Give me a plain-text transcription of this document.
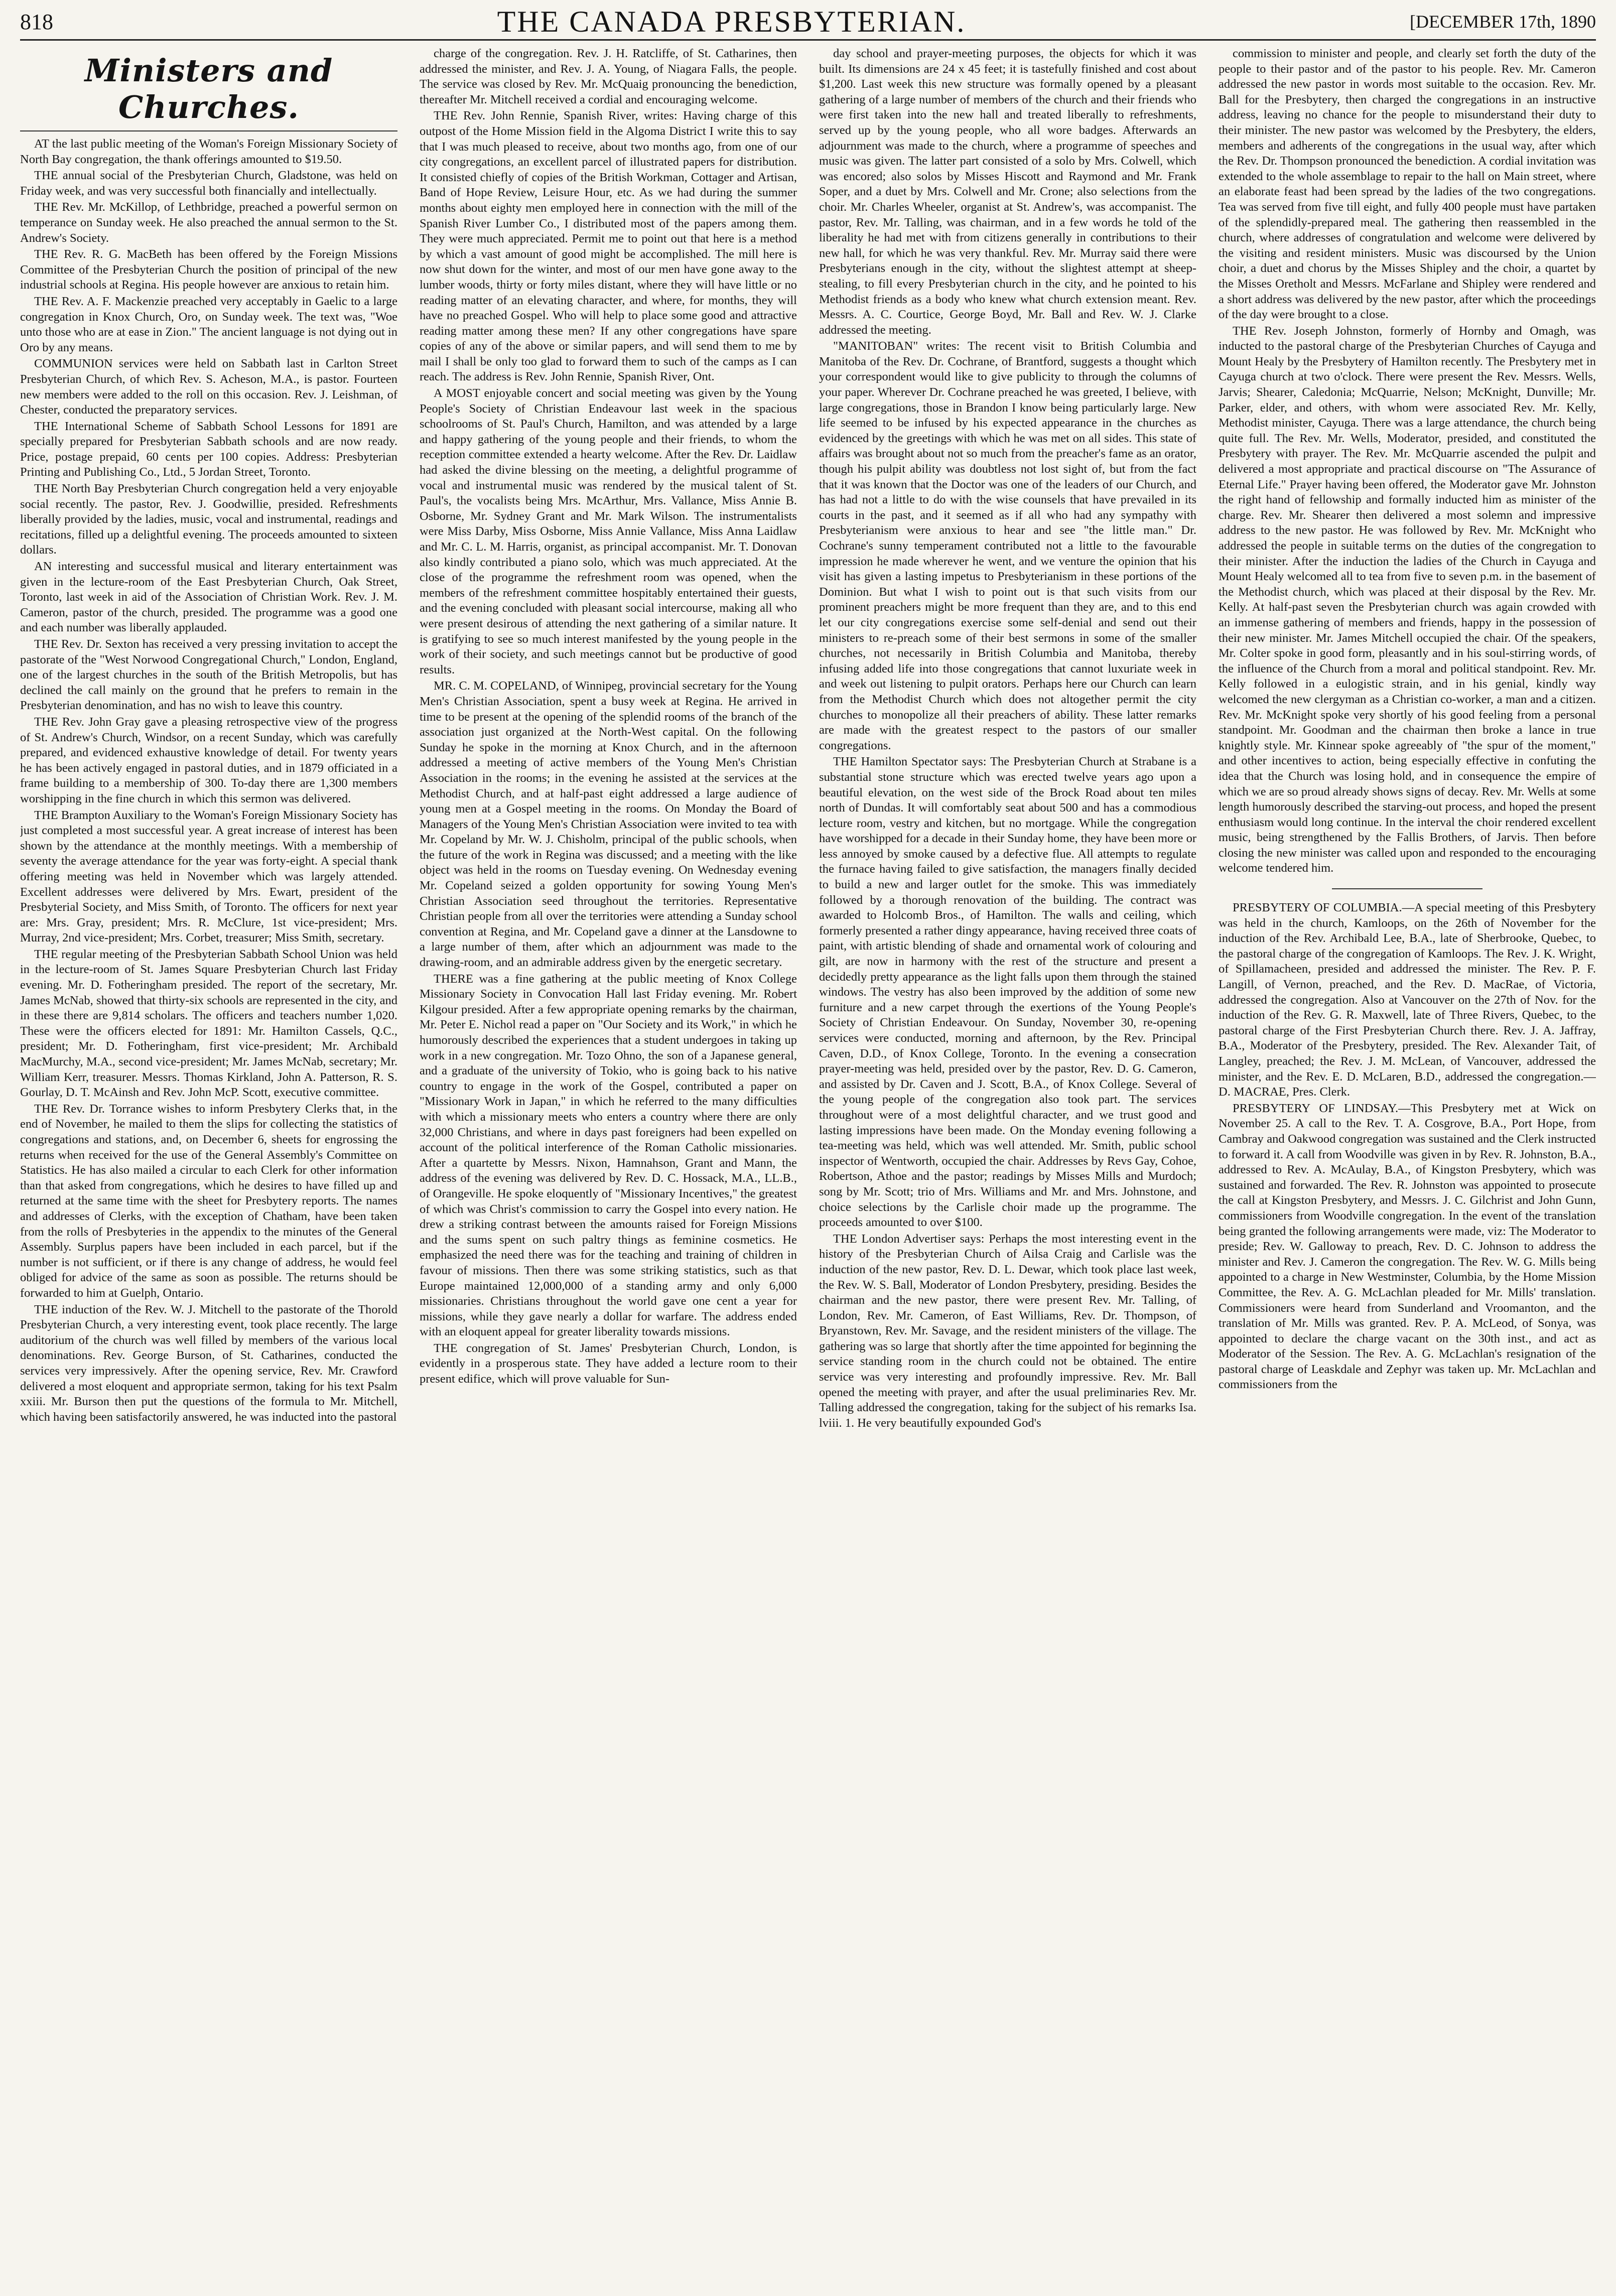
818	THE CANADA PRESBYTERIAN.	[DECEMBER 17th, 1890
Ministers and Churches.

AT the last public meeting of the Woman's Foreign Missionary Society of North Bay congregation, the thank offerings amounted to $19.50.

THE annual social of the Presbyterian Church, Gladstone, was held on Friday week, and was very successful both financially and intellectually.

THE Rev. Mr. McKillop, of Lethbridge, preached a powerful sermon on temperance on Sunday week. He also preached the annual sermon to the St. Andrew's Society.

THE Rev. R. G. MacBeth has been offered by the Foreign Missions Committee of the Presbyterian Church the position of principal of the new industrial schools at Regina. His people however are anxious to retain him.

THE Rev. A. F. Mackenzie preached very acceptably in Gaelic to a large congregation in Knox Church, Oro, on Sunday week. The text was, "Woe unto those who are at ease in Zion." The ancient language is not dying out in Oro by any means.

COMMUNION services were held on Sabbath last in Carlton Street Presbyterian Church, of which Rev. S. Acheson, M.A., is pastor. Fourteen new members were added to the roll on this occasion. Rev. J. Leishman, of Chester, conducted the preparatory services.

THE International Scheme of Sabbath School Lessons for 1891 are specially prepared for Presbyterian Sabbath schools and are now ready. Price, postage prepaid, 60 cents per 100 copies. Address: Presbyterian Printing and Publishing Co., Ltd., 5 Jordan Street, Toronto.

THE North Bay Presbyterian Church congregation held a very enjoyable social recently. The pastor, Rev. J. Goodwillie, presided. Refreshments liberally provided by the ladies, music, vocal and instrumental, readings and recitations, filled up a delightful evening. The proceeds amounted to sixteen dollars.

AN interesting and successful musical and literary entertainment was given in the lecture-room of the East Presbyterian Church, Oak Street, Toronto, last week in aid of the Association of Christian Work. Rev. J. M. Cameron, pastor of the church, presided. The programme was a good one and each number was liberally applauded.

THE Rev. Dr. Sexton has received a very pressing invitation to accept the pastorate of the "West Norwood Congregational Church," London, England, one of the largest churches in the south of the British Metropolis, but has declined the call mainly on the ground that he prefers to remain in the Presbyterian denomination, and has no wish to leave this country.

THE Rev. John Gray gave a pleasing retrospective view of the progress of St. Andrew's Church, Windsor, on a recent Sunday, which was carefully prepared, and evidenced exhaustive knowledge of detail. For twenty years he has been actively engaged in pastoral duties, and in 1879 officiated in a frame building to a membership of 300. To-day there are 1,300 members worshipping in the fine church in which this sermon was delivered.

THE Brampton Auxiliary to the Woman's Foreign Missionary Society has just completed a most successful year. A great increase of interest has been shown by the attendance at the monthly meetings. With a membership of seventy the average attendance for the year was forty-eight. A special thank offering meeting was held in November which was largely attended. Excellent addresses were delivered by Mrs. Ewart, president of the Presbyterial Society, and Miss Smith, of Toronto. The officers for next year are: Mrs. Gray, president; Mrs. R. McClure, 1st vice-president; Mrs. Murray, 2nd vice-president; Mrs. Corbet, treasurer; Miss Smith, secretary.

THE regular meeting of the Presbyterian Sabbath School Union was held in the lecture-room of St. James Square Presbyterian Church last Friday evening. Mr. D. Fotheringham presided. The report of the secretary, Mr. James McNab, showed that thirty-six schools are represented in the city, and in these there are 9,814 scholars. The officers and teachers number 1,020. These were the officers elected for 1891: Mr. Hamilton Cassels, Q.C., president; Mr. D. Fotheringham, first vice-president; Mr. Archibald MacMurchy, M.A., second vice-president; Mr. James McNab, secretary; Mr. William Kerr, treasurer. Messrs. Thomas Kirkland, John A. Patterson, R. S. Gourlay, D. T. McAinsh and Rev. John McP. Scott, executive committee.

THE Rev. Dr. Torrance wishes to inform Presbytery Clerks that, in the end of November, he mailed to them the slips for collecting the statistics of congregations and stations, and, on December 6, sheets for engrossing the returns when received for the use of the General Assembly's Committee on Statistics. He has also mailed a circular to each Clerk for other information than that asked from congregations, which he desires to have filled up and returned at the same time with the sheet for Presbytery reports. The names and addresses of Clerks, with the exception of Chatham, have been taken from the rolls of Presbyteries in the appendix to the minutes of the General Assembly. Surplus papers have been included in each parcel, but if the number is not sufficient, or if there is any change of address, he would feel obliged for advice of the same as soon as possible. The returns should be forwarded to him at Guelph, Ontario.

THE induction of the Rev. W. J. Mitchell to the pastorate of the Thorold Presbyterian Church, a very interesting event, took place recently. The large auditorium of the church was well filled by members of the various local denominations. Rev. George Burson, of St. Catharines, conducted the services very impressively. After the opening service, Rev. Mr. Crawford delivered a most eloquent and appropriate sermon, taking for his text Psalm xxiii. Mr. Burson then put the questions of the formula to Mr. Mitchell, which having been satisfactorily answered, he was inducted into the pastoral

charge of the congregation. Rev. J. H. Ratcliffe, of St. Catharines, then addressed the minister, and Rev. J. A. Young, of Niagara Falls, the people. The service was closed by Rev. Mr. McQuaig pronouncing the benediction, thereafter Mr. Mitchell received a cordial and encouraging welcome.

THE Rev. John Rennie, Spanish River, writes: Having charge of this outpost of the Home Mission field in the Algoma District I write this to say that I was much pleased to receive, about two months ago, from one of our city congregations, an excellent parcel of illustrated papers for distribution. It consisted chiefly of copies of the British Workman, Cottager and Artisan, Band of Hope Review, Leisure Hour, etc. As we had during the summer months about eighty men employed here in connection with the mill of the Spanish River Lumber Co., I distributed most of the papers among them. They were much appreciated. Permit me to point out that here is a method by which a vast amount of good might be accomplished. The mill here is now shut down for the winter, and most of our men have gone away to the lumber woods, thirty or forty miles distant, where they will have little or no reading matter of an elevating character, and where, for months, they will have no preached Gospel. Who will help to place some good and attractive reading matter among these men? If any other congregations have spare copies of any of the above or similar papers, and will send them to me by mail I shall be only too glad to forward them to such of the camps as I can reach. The address is Rev. John Rennie, Spanish River, Ont.

A MOST enjoyable concert and social meeting was given by the Young People's Society of Christian Endeavour last week in the spacious schoolrooms of St. Paul's Church, Hamilton, and was attended by a large and happy gathering of the young people and their friends, to whom the reception committee extended a hearty welcome. After the Rev. Dr. Laidlaw had asked the divine blessing on the meeting, a delightful programme of vocal and instrumental music was rendered by the musical talent of St. Paul's, the vocalists being Mrs. McArthur, Mrs. Vallance, Miss Annie B. Osborne, Mr. Sydney Grant and Mr. Mark Wilson. The instrumentalists were Miss Darby, Miss Osborne, Miss Annie Vallance, Miss Anna Laidlaw and Mr. C. L. M. Harris, organist, as principal accompanist. Mr. T. Donovan also kindly contributed a piano solo, which was much appreciated. At the close of the programme the refreshment room was opened, when the members of the refreshment committee hospitably entertained their guests, and the evening concluded with pleasant social intercourse, making all who were present desirous of attending the next gathering of a similar nature. It is gratifying to see so much interest manifested by the young people in the work of their society, and such meetings cannot but be productive of good results.

MR. C. M. COPELAND, of Winnipeg, provincial secretary for the Young Men's Christian Association, spent a busy week at Regina. He arrived in time to be present at the opening of the splendid rooms of the branch of the association just organized at the North-West capital. On the following Sunday he spoke in the morning at Knox Church, and in the afternoon addressed a meeting of active members of the Young Men's Christian Association in the rooms; in the evening he assisted at the services at the Methodist Church, and at half-past eight addressed a large audience of young men at a Gospel meeting in the rooms. On Monday the Board of Managers of the Young Men's Christian Association were invited to tea with Mr. Copeland by Mr. W. J. Chisholm, principal of the public schools, when the future of the work in Regina was discussed; and a meeting with the like object was held in the rooms on Tuesday evening. On Wednesday evening Mr. Copeland seized a golden opportunity for sowing Young Men's Christian Association seed throughout the territories. Representative Christian people from all over the territories were attending a Sunday school convention at Regina, and Mr. Copeland gave a dinner at the Lansdowne to a large number of them, after which an adjournment was made to the drawing-room, and an admirable address given by the energetic secretary.

THERE was a fine gathering at the public meeting of Knox College Missionary Society in Convocation Hall last Friday evening. Mr. Robert Kilgour presided. After a few appropriate opening remarks by the chairman, Mr. Peter E. Nichol read a paper on "Our Society and its Work," in which he humorously described the experiences that a student undergoes in taking up work in a new congregation. Mr. Tozo Ohno, the son of a Japanese general, and a graduate of the university of Tokio, who is going back to his native country to engage in the work of the Gospel, contributed a paper on "Missionary Work in Japan," in which he referred to the many difficulties with which a missionary meets who enters a country where there are only 32,000 Christians, and where in days past foreigners had been expelled on account of the political interference of the Roman Catholic missionaries. After a quartette by Messrs. Nixon, Hamnahson, Grant and Mann, the address of the evening was delivered by Rev. D. C. Hossack, M.A., LL.B., of Orangeville. He spoke eloquently of "Missionary Incentives," the greatest of which was Christ's commission to carry the Gospel into every nation. He drew a striking contrast between the amounts raised for Foreign Missions and the sums spent on such paltry things as feminine cosmetics. He emphasized the need there was for the teaching and training of children in favour of missions. Then there was some striking statistics, such as that Europe maintained 12,000,000 of a standing army and only 6,000 missionaries. Christians throughout the world gave one cent a year for missions, while they gave nearly a dollar for warfare. The address ended with an eloquent appeal for greater liberality towards missions.

THE congregation of St. James' Presbyterian Church, London, is evidently in a prosperous state. They have added a lecture room to their present edifice, which will prove valuable for Sun-

day school and prayer-meeting purposes, the objects for which it was built. Its dimensions are 24 x 45 feet; it is tastefully finished and cost about $1,200. Last week this new structure was formally opened by a pleasant gathering of a large number of members of the church and their friends who were first taken into the new hall and treated liberally to refreshments, served up by the young people, who all wore badges. Afterwards an adjournment was made to the church, where a programme of speeches and music was given. The latter part consisted of a solo by Mrs. Colwell, which was encored; also solos by Misses Hiscott and Raymond and Mr. Frank Soper, and a duet by Mrs. Colwell and Mr. Crone; also selections from the choir. Mr. Charles Wheeler, organist at St. Andrew's, was accompanist. The pastor, Rev. Mr. Talling, was chairman, and in a few words he told of the liberality he had met with from citizens generally in contributions to their new hall, for which he was very thankful. Rev. Mr. Murray said there were Presbyterians enough in the city, without the slightest attempt at sheep-stealing, to fill every Presbyterian church in the city, and he pointed to his Methodist friends as a body who knew what church extension meant. Rev. Messrs. A. C. Courtice, George Boyd, Mr. Ball and Rev. W. J. Clarke addressed the meeting.

"MANITOBAN" writes: The recent visit to British Columbia and Manitoba of the Rev. Dr. Cochrane, of Brantford, suggests a thought which your correspondent would like to give publicity to through the columns of your paper. Wherever Dr. Cochrane preached he was greeted, I believe, with large congregations, those in Brandon I know being particularly large. New life seemed to be infused by his expected appearance in the churches as evidenced by the greetings with which he was met on all sides. This state of affairs was brought about not so much from the preacher's fame as an orator, though his pulpit ability was doubtless not lost sight of, but from the fact that it was known that the Doctor was one of the leaders of our Church, and has had not a little to do with the wise counsels that have prevailed in its courts in the past, and it seemed as if all who had any sympathy with Presbyterianism were anxious to hear and see "the little man." Dr. Cochrane's sunny temperament contributed not a little to the favourable impression he made wherever he went, and we venture the opinion that his visit has given a lasting impetus to Presbyterianism in these portions of the Dominion. But what I wish to point out is that such visits from our prominent preachers might be more frequent than they are, and to this end let our city congregations exercise some self-denial and send out their ministers to re-preach some of their best sermons in some of the smaller churches, not necessarily in British Columbia and Manitoba, thereby infusing added life into those congregations that cannot luxuriate week in and week out listening to pulpit orators. Perhaps here our Church can learn from the Methodist Church which does not altogether permit the city churches to monopolize all their preachers of ability. These latter remarks are made with the greatest respect to the pastors of our smaller congregations.

THE Hamilton Spectator says: The Presbyterian Church at Strabane is a substantial stone structure which was erected twelve years ago upon a beautiful elevation, on the west side of the Brock Road about ten miles north of Dundas. It will comfortably seat about 500 and has a commodious lecture room, vestry and kitchen, but no mortgage. While the congregation have worshipped for a decade in their Sunday home, they have been more or less annoyed by smoke caused by a defective flue. All attempts to regulate the furnace having failed to give satisfaction, the managers finally decided to build a new and larger outlet for the smoke. This was immediately followed by a thorough renovation of the building. The contract was awarded to Holcomb Bros., of Hamilton. The walls and ceiling, which formerly presented a rather dingy appearance, having received three coats of paint, with artistic blending of shade and ornamental work of colouring and gilt, are now in harmony with the rest of the structure and present a decidedly pretty appearance as the light falls upon them through the stained windows. The vestry has also been improved by the addition of some new furniture and a new carpet through the exertions of the Young People's Society of Christian Endeavour. On Sunday, November 30, re-opening services were conducted, morning and afternoon, by the Rev. Principal Caven, D.D., of Knox College, Toronto. In the evening a consecration prayer-meeting was held, presided over by the pastor, Rev. D. G. Cameron, and assisted by Dr. Caven and J. Scott, B.A., of Knox College. Several of the young people of the congregation also took part. The services throughout were of a most delightful character, and we trust good and lasting impressions have been made. On the Monday evening following a tea-meeting was held, which was well attended. Mr. Smith, public school inspector of Wentworth, occupied the chair. Addresses by Revs Gay, Cohoe, Robertson, Athoe and the pastor; readings by Misses Mills and Murdoch; song by Mr. Scott; trio of Mrs. Williams and Mr. and Mrs. Johnstone, and choice selections by the Carlisle choir made up the programme. The proceeds amounted to over $100.

THE London Advertiser says: Perhaps the most interesting event in the history of the Presbyterian Church of Ailsa Craig and Carlisle was the induction of the new pastor, Rev. D. L. Dewar, which took place last week, the Rev. W. S. Ball, Moderator of London Presbytery, presiding. Besides the chairman and the new pastor, there were present Rev. Mr. Talling, of London, Rev. Mr. Cameron, of East Williams, Rev. Dr. Thompson, of Bryanstown, Rev. Mr. Savage, and the resident ministers of the village. The gathering was so large that shortly after the time appointed for beginning the service standing room in the church could not be obtained. The entire service was very interesting and profoundly impressive. Rev. Mr. Ball opened the meeting with prayer, and after the usual preliminaries Rev. Mr. Talling addressed the congregation, taking for the subject of his remarks Isa. lviii. 1. He very beautifully expounded God's

commission to minister and people, and clearly set forth the duty of the people to their pastor and of the pastor to his people. Rev. Mr. Cameron addressed the new pastor in words most suitable to the occasion. Rev. Mr. Ball for the Presbytery, then charged the congregations in an instructive address, leaving no chance for the people to misunderstand their duty to their minister. The new pastor was welcomed by the Presbytery, the elders, members and adherents of the congregations in the usual way, after which the Rev. Dr. Thompson pronounced the benediction. A cordial invitation was extended to the whole assemblage to repair to the hall on Main street, where an elaborate feast had been spread by the ladies of the two congregations. Tea was served from five till eight, and fully 400 people must have partaken of the splendidly-prepared meal. The gathering then reassembled in the church, where addresses of congratulation and welcome were delivered by the visiting and resident ministers. Music was discoursed by the Union choir, a duet and chorus by the Misses Shipley and the choir, a quartet by the Misses Oretholt and Messrs. McFarlane and Shipley were rendered and a short address was delivered by the new pastor, after which the proceedings of the day were brought to a close.

THE Rev. Joseph Johnston, formerly of Hornby and Omagh, was inducted to the pastoral charge of the Presbyterian Churches of Cayuga and Mount Healy by the Presbytery of Hamilton recently. The Presbytery met in Cayuga church at two o'clock. There were present the Rev. Messrs. Wells, Jarvis; Shearer, Caledonia; McQuarrie, Nelson; McKnight, Dunville; Mr. Parker, elder, and others, with whom were associated Rev. Mr. Kelly, Methodist minister, Cayuga. There was a large attendance, the church being quite full. The Rev. Mr. Wells, Moderator, presided, and constituted the Presbytery with prayer. The Rev. Mr. McQuarrie ascended the pulpit and delivered a most appropriate and practical discourse on "The Assurance of Eternal Life." Prayer having been offered, the Moderator gave Mr. Johnston the right hand of fellowship and formally inducted him as minister of the charge. Rev. Mr. Shearer then delivered a most solemn and impressive address to the new pastor. He was followed by Rev. Mr. McKnight who addressed the people in suitable terms on the duties of the congregation to their minister. After the induction the ladies of the Church in Cayuga and Mount Healy welcomed all to tea from five to seven p.m. in the basement of the Methodist church, which was placed at their disposal by the Rev. Mr. Kelly. At half-past seven the Presbyterian church was again crowded with an immense gathering of members and friends, happy in the possession of their new minister. Mr. James Mitchell occupied the chair. Of the speakers, Mr. Colter spoke in good form, pleasantly and in his soul-stirring words, of the influence of the Church from a moral and political standpoint. Rev. Mr. Kelly followed in a eulogistic strain, and in his genial, kindly way welcomed the new clergyman as a Christian co-worker, a man and a citizen. Rev. Mr. McKnight spoke very shortly of his good feeling from a personal standpoint. Mr. Goodman and the chairman then broke a lance in true knightly style. Mr. Kinnear spoke agreeably of "the spur of the moment," and other incentives to action, being especially effective in confuting the idea that the Church was losing hold, and in consequence the empire of which we are so proud already shows signs of decay. Rev. Mr. Wells at some length humorously described the starving-out process, and hoped the present enthusiasm would long continue. In the interval the choir rendered excellent music, being strengthened by the Fallis Brothers, of Jarvis. Then before closing the new minister was called upon and responded to the encouraging welcome tendered him.

PRESBYTERY OF COLUMBIA.—A special meeting of this Presbytery was held in the church, Kamloops, on the 26th of November for the induction of the Rev. Archibald Lee, B.A., late of Sherbrooke, Quebec, to the pastoral charge of the congregation of Kamloops. The Rev. J. K. Wright, of Spillamacheen, presided and addressed the minister. The Rev. P. F. Langill, of Vernon, preached, and the Rev. D. MacRae, of Victoria, addressed the congregation. Also at Vancouver on the 27th of Nov. for the induction of the Rev. G. R. Maxwell, late of Three Rivers, Quebec, to the pastoral charge of the First Presbyterian Church there. Rev. J. A. Jaffray, B.A., Moderator of the Presbytery, presided. The Rev. Alexander Tait, of Langley, preached; the Rev. J. M. McLean, of Vancouver, addressed the minister, and the Rev. E. D. McLaren, B.D., addressed the congregation.—D. MACRAE, Pres. Clerk.

PRESBYTERY OF LINDSAY.—This Presbytery met at Wick on November 25. A call to the Rev. T. A. Cosgrove, B.A., Port Hope, from Cambray and Oakwood congregation was sustained and the Clerk instructed to forward it. A call from Woodville was given in by Rev. R. Johnston, B.A., addressed to Rev. A. McAulay, B.A., of Kingston Presbytery, which was sustained and forwarded. The Rev. R. Johnston was appointed to prosecute the call at Kingston Presbytery, and Messrs. J. C. Gilchrist and John Gunn, commissioners from Woodville congregation. In the event of the translation being granted the following arrangements were made, viz: The Moderator to preside; Rev. W. Galloway to preach, Rev. D. C. Johnson to address the minister and Rev. J. Cameron the congregation. The Rev. W. G. Mills being appointed to a charge in New Westminster, Columbia, by the Home Mission Committee, the Rev. A. G. McLachlan pleaded for Mr. Mills' translation. Commissioners were heard from Sunderland and Vroomanton, and the translation of Mr. Mills was granted. Rev. P. A. McLeod, of Sonya, was appointed to declare the charge vacant on the 30th inst., and act as Moderator of the Session. The Rev. A. G. McLachlan's resignation of the pastoral charge of Leaskdale and Zephyr was taken up. Mr. McLachlan and commissioners from the
